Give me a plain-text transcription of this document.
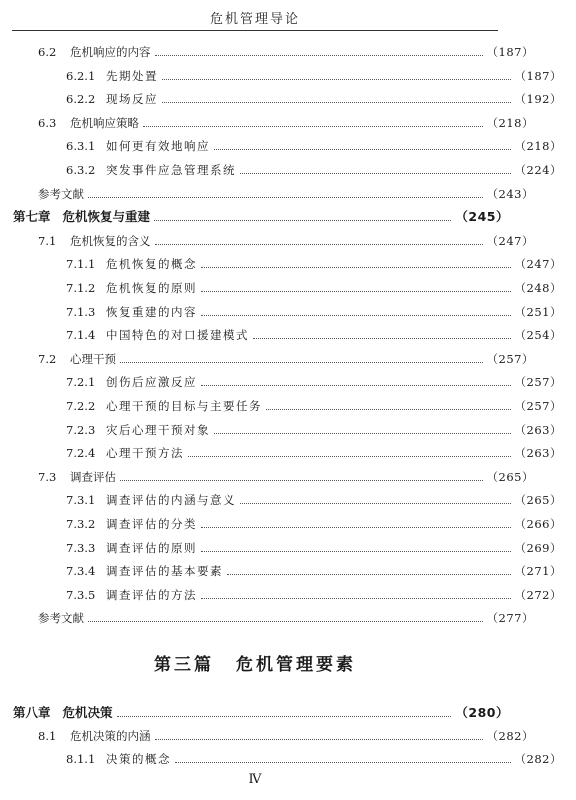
危机管理导论
6.2	危机响应的内容	（187）
6.2.1 先期处置	（187）
6.2.2 现场反应	（192）
6.3	危机响应策略	（218）
6.3.1 如何更有效地响应	（218）
6.3.2 突发事件应急管理系统	（224）
参考文献	（243）
第七章 危机恢复与重建	（245）
7.1	危机恢复的含义	（247）
7.1.1 危机恢复的概念	（247）
7.1.2 危机恢复的原则	（248）
7.1.3 恢复重建的内容	（251）
7.1.4 中国特色的对口援建模式	（254）
7.2	心理干预	（257）
7.2.1 创伤后应激反应	（257）
7.2.2 心理干预的目标与主要任务	（257）
7.2.3 灾后心理干预对象	（263）
7.2.4 心理干预方法	（263）
7.3	调查评估	（265）
7.3.1 调查评估的内涵与意义	（265）
7.3.2 调查评估的分类	（266）
7.3.3 调查评估的原则	（269）
7.3.4 调查评估的基本要素	（271）
7.3.5 调查评估的方法	（272）
参考文献	（277）
第三篇 危机管理要素
第八章 危机决策	（280）
8.1	危机决策的内涵	（282）
8.1.1 决策的概念	（282）
Ⅳ
